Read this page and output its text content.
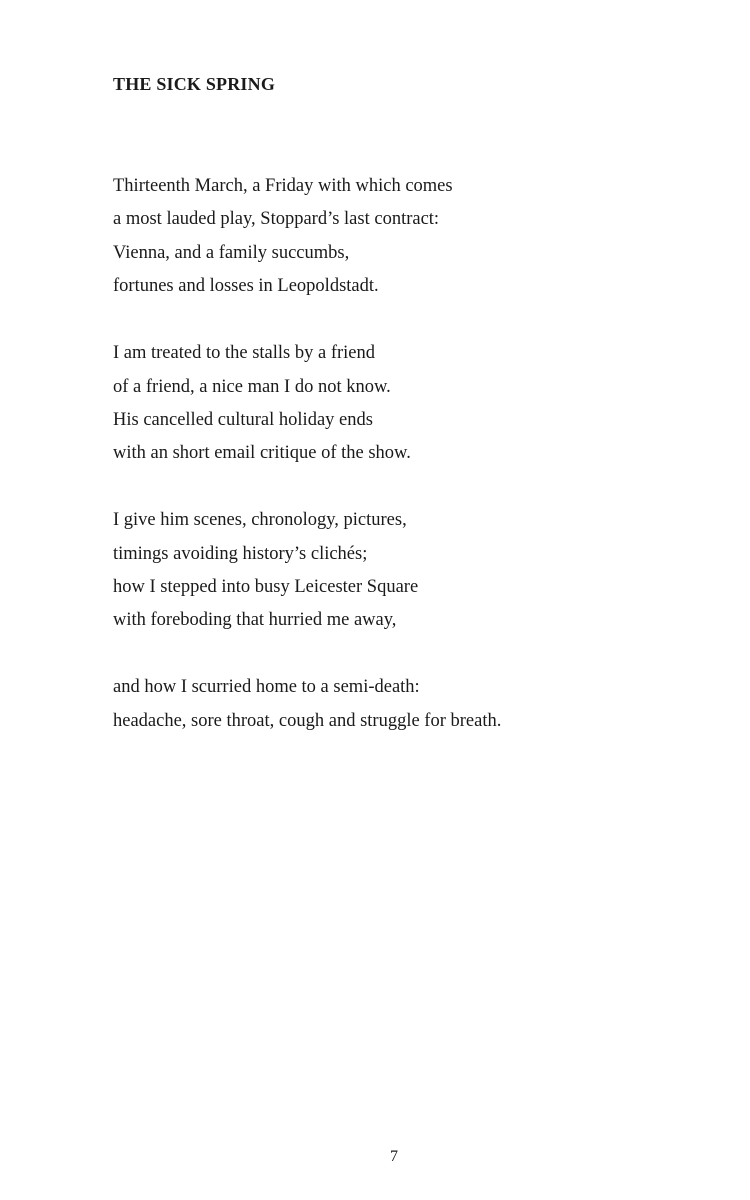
THE SICK SPRING
Thirteenth March, a Friday with which comes
a most lauded play, Stoppard’s last contract:
Vienna, and a family succumbs,
fortunes and losses in Leopoldstadt.
I am treated to the stalls by a friend
of a friend, a nice man I do not know.
His cancelled cultural holiday ends
with an short email critique of the show.
I give him scenes, chronology, pictures,
timings avoiding history’s clichés;
how I stepped into busy Leicester Square
with foreboding that hurried me away,
and how I scurried home to a semi-death:
headache, sore throat, cough and struggle for breath.
7
